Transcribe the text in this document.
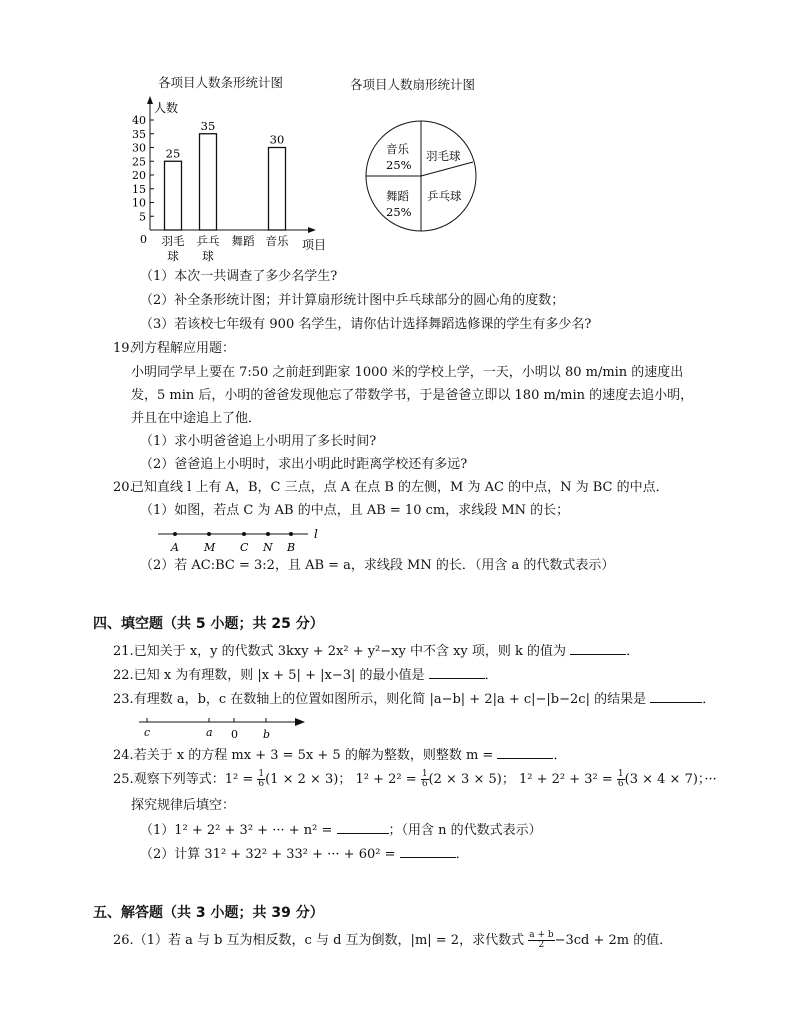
各项目人数条形统计图	各项目人数扇形统计图
人数
项目
0
5
10
15
20
25
30
35
40
25
35
30
羽毛
球
乒乓
球
舞蹈 音乐
音乐
25%
羽毛球
乒乓球
舞蹈
25%
（1）本次一共调查了多少名学生?
（2）补全条形统计图；并计算扇形统计图中乒乓球部分的圆心角的度数；
（3）若该校七年级有 900 名学生，请你估计选择舞蹈选修课的学生有多少名?
19.
列方程解应用题：
小明同学早上要在 7:50 之前赶到距家 1000 米的学校上学，一天，小明以 80 m/min 的速度出
发，5 min 后，小明的爸爸发现他忘了带数学书，于是爸爸立即以 180 m/min 的速度去追小明，
并且在中途追上了他．
（1）求小明爸爸追上小明用了多长时间?
（2）爸爸追上小明时，求出小明此时距离学校还有多远?
20.
已知直线 l 上有 A，B，C 三点，点 A 在点 B 的左侧，M 为 AC 的中点，N 为 BC 的中点．
（1）如图，若点 C 为 AB 的中点，且 AB = 10 cm，求线段 MN 的长；
l
A M C N B
（2）若 AC:BC = 3:2，且 AB = a，求线段 MN 的长．（用含 a 的代数式表示）
四、填空题（共 5 小题；共 25 分）
21.已知关于 x，y 的代数式 3kxy + 2x² + y²−xy 中不含 xy 项，则 k 的值为	．
22.已知 x 为有理数，则 |x + 5| + |x−3| 的最小值是	．
23.有理数 a，b，c 在数轴上的位置如图所示，则化简 |a−b| + 2|a + c|−|b−2c| 的结果是	．
c	a 0 b
24.若关于 x 的方程 mx + 3 = 5x + 5 的解为整数，则整数 m =	．
25.观察下列等式：$1^2 = \frac{1}{6} (1 \times 2 \times 3)$； $1^2 + 2^2 = \frac{1}{6} (2 \times 3 \times 5)$； $1^2 + 2^2 + 3^2 = \frac{1}{6} (3 \times 4 \times 7)$；···
探究规律后填空：
（1）1² + 2² + 3² + ··· + n² =	；（用含 n 的代数式表示）
（2）计算 31² + 32² + 33² + ··· + 60² =	．
五、解答题（共 3 小题；共 39 分）
26.（1）若 a 与 b 互为相反数，c 与 d 互为倒数，|m| = 2，求代数式 $\frac{a + b}{2} -3cd + 2m$ 的值．
